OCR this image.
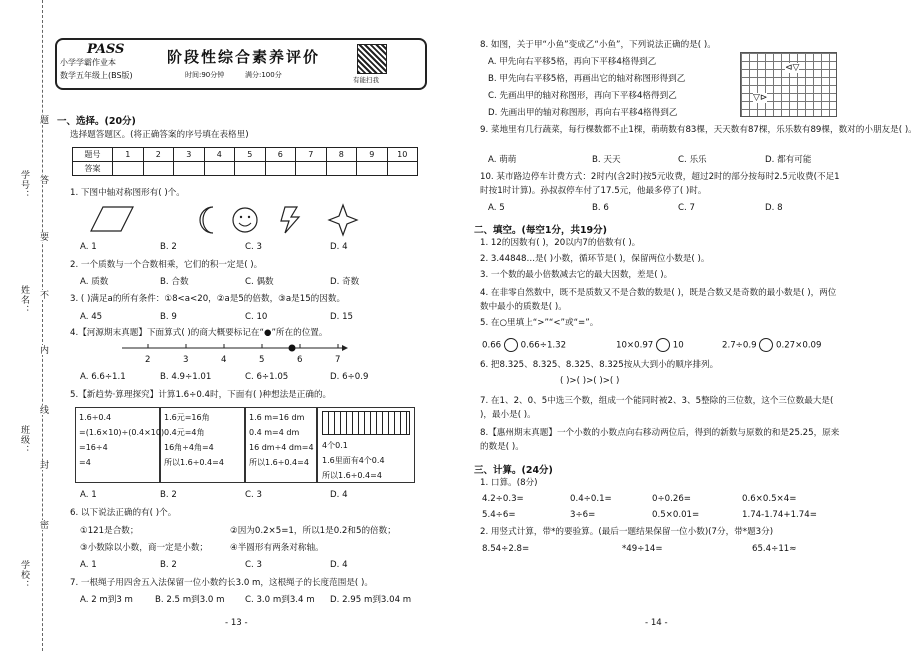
学号：
姓名：
班级：
学校：
题
答
要
不
内
线
封
密
PASS
小学学霸作业本
数学五年级上(BS版)
阶段性综合素养评价
时间:90分钟	满分:100分
有能扫我
一、选择。(20分)
选择题答题区。(将正确答案的序号填在表格里)
题号	1	2	3	4	5	6	7	8	9	10
答案										
1. 下图中轴对称图形有( )个。
A. 1	B. 2	C. 3	D. 4
2. 一个质数与一个合数相乘，它们的积一定是( )。
A. 质数	B. 合数	C. 偶数	D. 奇数
3. ( )满足a的所有条件：①8<a<20，②a是5的倍数，③a是15的因数。
A. 45	B. 9	C. 10	D. 15
4.【河源期末真题】下面算式( )的商大概要标记在“●”所在的位置。
2	3	4	5	6	7
A. 6.6÷1.1	B. 4.9÷1.01	C. 6÷1.05	D. 6÷0.9
5.【新趋势·算理探究】计算1.6÷0.4时，下面有( )种想法是正确的。
1.6÷0.4
=(1.6×10)÷(0.4×10)
=16÷4
=4
1.6元=16角
0.4元=4角
16角÷4角=4
所以1.6÷0.4=4
1.6 m=16 dm
0.4 m=4 dm
16 dm÷4 dm=4
所以1.6÷0.4=4
4个0.1
1.6里面有4个0.4
所以1.6÷0.4=4
A. 1	B. 2	C. 3	D. 4
6. 以下说法正确的有( )个。
①121是合数；	②因为0.2×5=1，所以1是0.2和5的倍数；
③小数除以小数，商一定是小数；	④半圆形有两条对称轴。
A. 1	B. 2	C. 3	D. 4
7. 一根绳子用四舍五入法保留一位小数约长3.0 m，这根绳子的长度范围是( )。
A. 2 m到3 m	B. 2.5 m到3.0 m C. 3.0 m到3.4 m D. 2.95 m到3.04 m
- 13 -
8. 如图，关于甲“小鱼”变成乙“小鱼”，下列说法正确的是( )。
A. 甲先向右平移5格，再向下平移4格得到乙
B. 甲先向右平移5格，再画出它的轴对称图形得到乙
C. 先画出甲的轴对称图形，再向下平移4格得到乙
D. 先画出甲的轴对称图形，再向右平移4格得到乙
⊲▽
▽⊳
9. 菜地里有几行蔬菜，每行棵数都不止1棵，萌萌数有83棵，天天数有87棵，乐乐数有89棵，数对的小朋友是( )。
A. 萌萌	B. 天天	C. 乐乐	D. 都有可能
10. 某市路边停车计费方式：2时内(含2时)按5元收费，超过2时的部分按每时2.5元收费(不足1时按1时计算)。孙叔叔停车付了17.5元，他最多停了( )时。
A. 5	B. 6	C. 7	D. 8
二、填空。(每空1分，共19分)
1. 12的因数有( )，20以内7的倍数有( )。
2. 3.44848…是( )小数，循环节是( )，保留两位小数是( )。
3. 一个数的最小倍数减去它的最大因数，差是( )。
4. 在非零自然数中，既不是质数又不是合数的数是( )，既是合数又是奇数的最小数是( )，两位数中最小的质数是( )。
5. 在○里填上“>”“<”或“=”。
0.66 0.66÷1.32	10×0.97 10	2.7÷0.9 0.27×0.09
6. 把8.325、8.325、8.325、8.325按从大到小的顺序排列。
( )>( )>( )>( )
7. 在1、2、0、5中选三个数，组成一个能同时被2、3、5整除的三位数，这个三位数最大是( )，最小是( )。
8.【惠州期末真题】一个小数的小数点向右移动两位后，得到的新数与原数的和是25.25，原来的数是( )。
三、计算。(24分)
1. 口算。(8分)
4.2÷0.3=	0.4÷0.1=	0÷0.26=	0.6×0.5×4=
5.4÷6=	3÷6=	0.5×0.01=	1.74-1.74+1.74=
2. 用竖式计算，带*的要验算。(最后一题结果保留一位小数)(7分，带*题3分)
8.54÷2.8=	*49÷14=	65.4÷11≈
- 14 -
